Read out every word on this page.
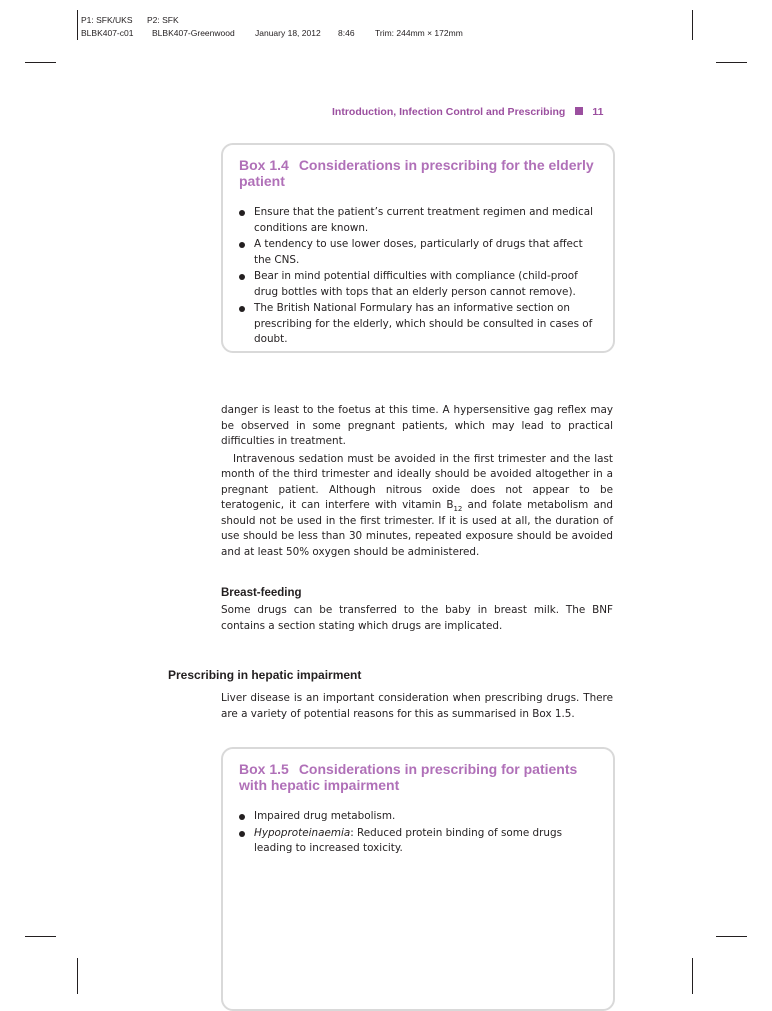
P1: SFK/UKS P2: SFK
BLBK407-c01 BLBK407-Greenwood January 18, 2012 8:46 Trim: 244mm × 172mm
Introduction, Infection Control and Prescribing	11
Box 1.4 Considerations in prescribing for the elderly patient
Ensure that the patient’s current treatment regimen and medical conditions are known.
A tendency to use lower doses, particularly of drugs that affect the CNS.
Bear in mind potential difficulties with compliance (child-proof drug bottles with tops that an elderly person cannot remove).
The British National Formulary has an informative section on prescribing for the elderly, which should be consulted in cases of doubt.

danger is least to the foetus at this time. A hypersensitive gag reflex may be observed in some pregnant patients, which may lead to practical difficulties in treatment.

Intravenous sedation must be avoided in the first trimester and the last month of the third trimester and ideally should be avoided altogether in a pregnant patient. Although nitrous oxide does not appear to be teratogenic, it can interfere with vitamin $B_{12}$ and folate metabolism and should not be used in the first trimester. If it is used at all, the duration of use should be less than 30 minutes, repeated exposure should be avoided and at least 50% oxygen should be administered.

Breast-feeding

Some drugs can be transferred to the baby in breast milk. The BNF contains a section stating which drugs are implicated.

Prescribing in hepatic impairment

Liver disease is an important consideration when prescribing drugs. There are a variety of potential reasons for this as summarised in Box 1.5.

Box 1.5 Considerations in prescribing for patients with hepatic impairment
Impaired drug metabolism.
Hypoproteinaemia: Reduced protein binding of some drugs leading to increased toxicity.
